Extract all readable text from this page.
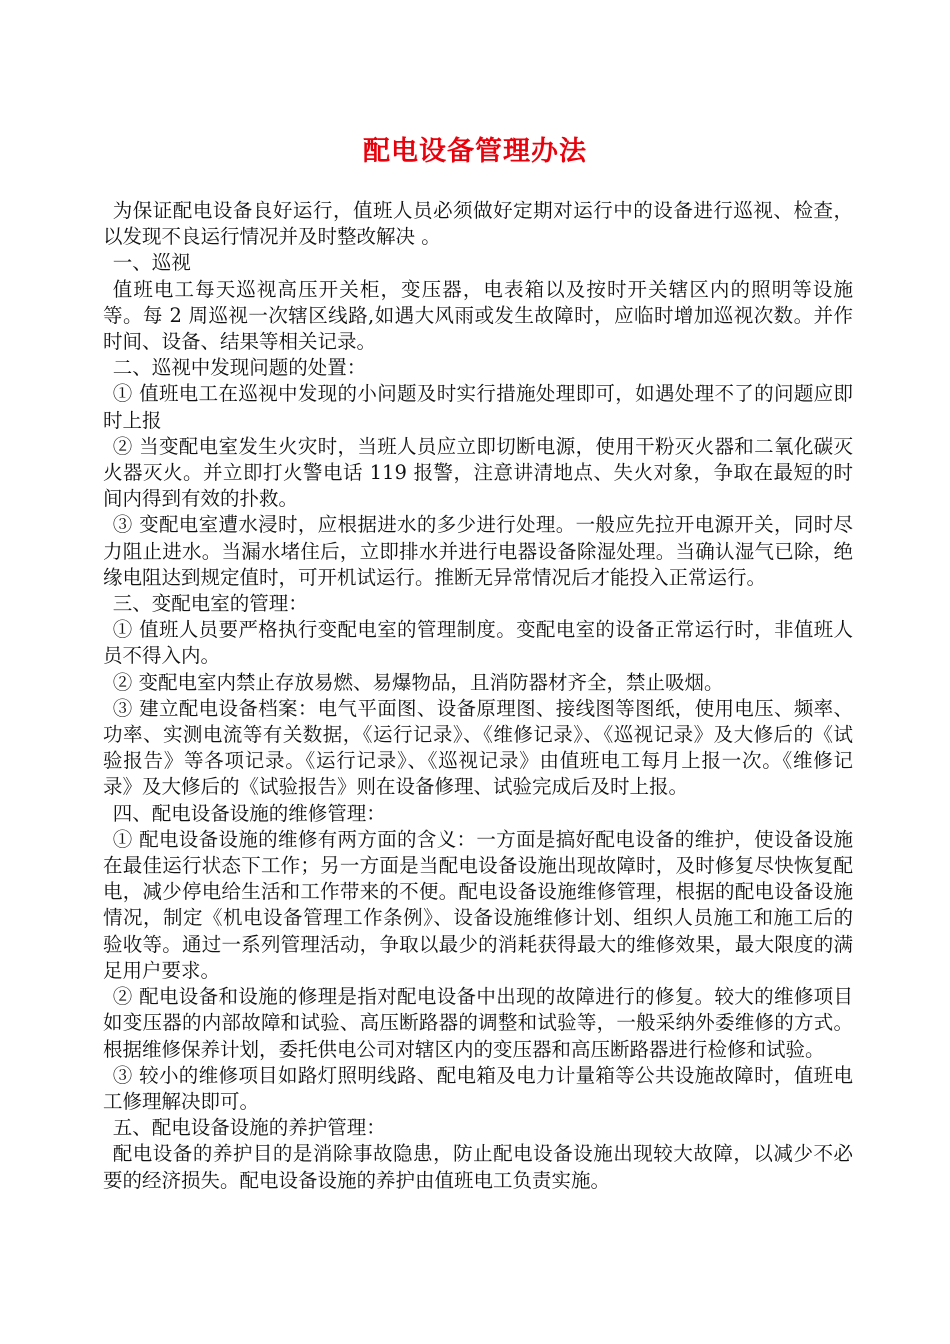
配电设备管理办法

为保证配电设备良好运行，值班人员必须做好定期对运行中的设备进行巡视、检查，以发现不良运行情况并及时整改解决 。

一、巡视

值班电工每天巡视高压开关柜，变压器，电表箱以及按时开关辖区内的照明等设施等。每 2 周巡视一次辖区线路,如遇大风雨或发生故障时，应临时增加巡视次数。并作时间、设备、结果等相关记录。

二、巡视中发现问题的处置：

① 值班电工在巡视中发现的小问题及时实行措施处理即可，如遇处理不了的问题应即时上报

② 当变配电室发生火灾时，当班人员应立即切断电源，使用干粉灭火器和二氧化碳灭火器灭火。并立即打火警电话 119 报警，注意讲清地点、失火对象，争取在最短的时间内得到有效的扑救。

③ 变配电室遭水浸时，应根据进水的多少进行处理。一般应先拉开电源开关，同时尽力阻止进水。当漏水堵住后，立即排水并进行电器设备除湿处理。当确认湿气已除，绝缘电阻达到规定值时，可开机试运行。推断无异常情况后才能投入正常运行。

三、变配电室的管理：

① 值班人员要严格执行变配电室的管理制度。变配电室的设备正常运行时，非值班人员不得入内。

② 变配电室内禁止存放易燃、易爆物品，且消防器材齐全，禁止吸烟。

③ 建立配电设备档案：电气平面图、设备原理图、接线图等图纸，使用电压、频率、功率、实测电流等有关数据，《运行记录》、《维修记录》、《巡视记录》及大修后的《试验报告》等各项记录。《运行记录》、《巡视记录》由值班电工每月上报一次。《维修记录》及大修后的《试验报告》则在设备修理、试验完成后及时上报。

四、配电设备设施的维修管理：

① 配电设备设施的维修有两方面的含义：一方面是搞好配电设备的维护，使设备设施在最佳运行状态下工作；另一方面是当配电设备设施出现故障时，及时修复尽快恢复配电，减少停电给生活和工作带来的不便。配电设备设施维修管理，根据的配电设备设施情况，制定《机电设备管理工作条例》、设备设施维修计划、组织人员施工和施工后的验收等。通过一系列管理活动，争取以最少的消耗获得最大的维修效果，最大限度的满足用户要求。

② 配电设备和设施的修理是指对配电设备中出现的故障进行的修复。较大的维修项目如变压器的内部故障和试验、高压断路器的调整和试验等，一般采纳外委维修的方式。根据维修保养计划，委托供电公司对辖区内的变压器和高压断路器进行检修和试验。

③ 较小的维修项目如路灯照明线路、配电箱及电力计量箱等公共设施故障时，值班电工修理解决即可。

五、配电设备设施的养护管理：

配电设备的养护目的是消除事故隐患，防止配电设备设施出现较大故障，以减少不必要的经济损失。配电设备设施的养护由值班电工负责实施。
